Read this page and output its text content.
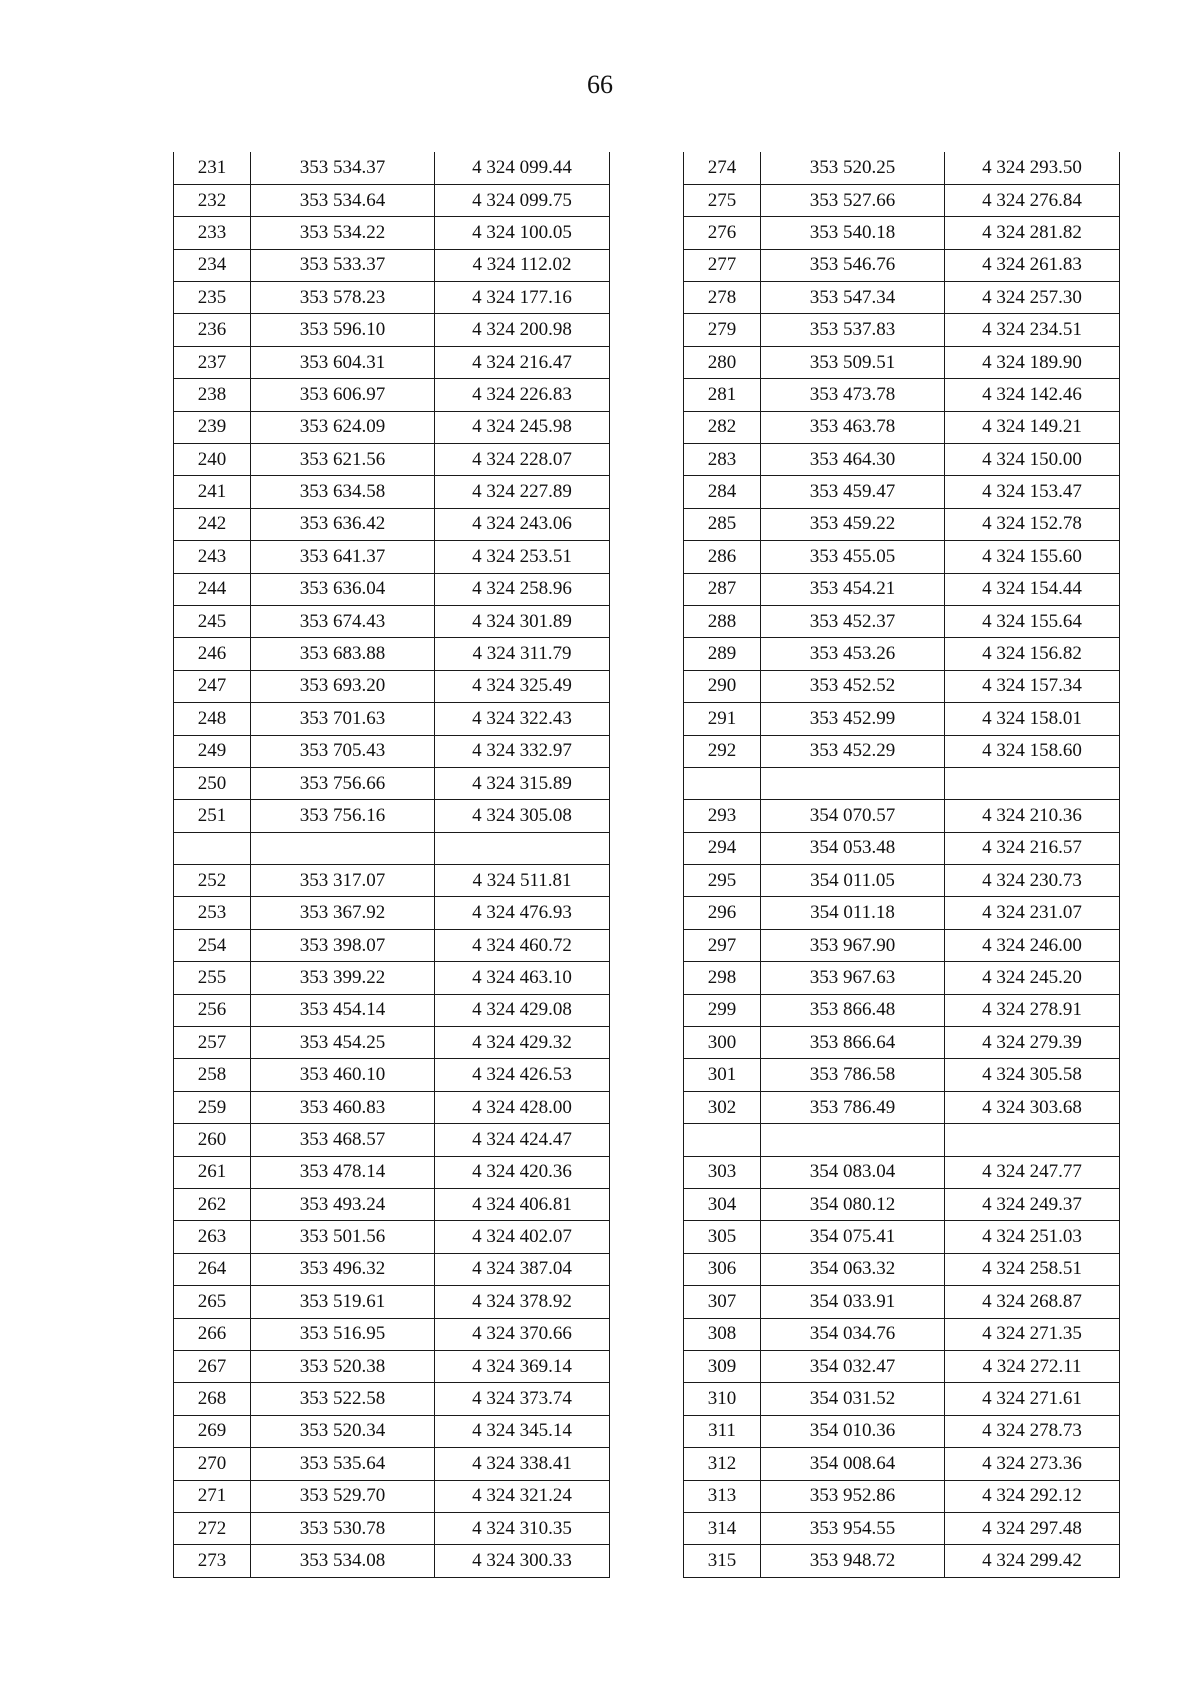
66
231	353 534.37	4 324 099.44
232	353 534.64	4 324 099.75
233	353 534.22	4 324 100.05
234	353 533.37	4 324 112.02
235	353 578.23	4 324 177.16
236	353 596.10	4 324 200.98
237	353 604.31	4 324 216.47
238	353 606.97	4 324 226.83
239	353 624.09	4 324 245.98
240	353 621.56	4 324 228.07
241	353 634.58	4 324 227.89
242	353 636.42	4 324 243.06
243	353 641.37	4 324 253.51
244	353 636.04	4 324 258.96
245	353 674.43	4 324 301.89
246	353 683.88	4 324 311.79
247	353 693.20	4 324 325.49
248	353 701.63	4 324 322.43
249	353 705.43	4 324 332.97
250	353 756.66	4 324 315.89
251	353 756.16	4 324 305.08

252	353 317.07	4 324 511.81
253	353 367.92	4 324 476.93
254	353 398.07	4 324 460.72
255	353 399.22	4 324 463.10
256	353 454.14	4 324 429.08
257	353 454.25	4 324 429.32
258	353 460.10	4 324 426.53
259	353 460.83	4 324 428.00
260	353 468.57	4 324 424.47
261	353 478.14	4 324 420.36
262	353 493.24	4 324 406.81
263	353 501.56	4 324 402.07
264	353 496.32	4 324 387.04
265	353 519.61	4 324 378.92
266	353 516.95	4 324 370.66
267	353 520.38	4 324 369.14
268	353 522.58	4 324 373.74
269	353 520.34	4 324 345.14
270	353 535.64	4 324 338.41
271	353 529.70	4 324 321.24
272	353 530.78	4 324 310.35
273	353 534.08	4 324 300.33
274	353 520.25	4 324 293.50
275	353 527.66	4 324 276.84
276	353 540.18	4 324 281.82
277	353 546.76	4 324 261.83
278	353 547.34	4 324 257.30
279	353 537.83	4 324 234.51
280	353 509.51	4 324 189.90
281	353 473.78	4 324 142.46
282	353 463.78	4 324 149.21
283	353 464.30	4 324 150.00
284	353 459.47	4 324 153.47
285	353 459.22	4 324 152.78
286	353 455.05	4 324 155.60
287	353 454.21	4 324 154.44
288	353 452.37	4 324 155.64
289	353 453.26	4 324 156.82
290	353 452.52	4 324 157.34
291	353 452.99	4 324 158.01
292	353 452.29	4 324 158.60

293	354 070.57	4 324 210.36
294	354 053.48	4 324 216.57
295	354 011.05	4 324 230.73
296	354 011.18	4 324 231.07
297	353 967.90	4 324 246.00
298	353 967.63	4 324 245.20
299	353 866.48	4 324 278.91
300	353 866.64	4 324 279.39
301	353 786.58	4 324 305.58
302	353 786.49	4 324 303.68

303	354 083.04	4 324 247.77
304	354 080.12	4 324 249.37
305	354 075.41	4 324 251.03
306	354 063.32	4 324 258.51
307	354 033.91	4 324 268.87
308	354 034.76	4 324 271.35
309	354 032.47	4 324 272.11
310	354 031.52	4 324 271.61
311	354 010.36	4 324 278.73
312	354 008.64	4 324 273.36
313	353 952.86	4 324 292.12
314	353 954.55	4 324 297.48
315	353 948.72	4 324 299.42
